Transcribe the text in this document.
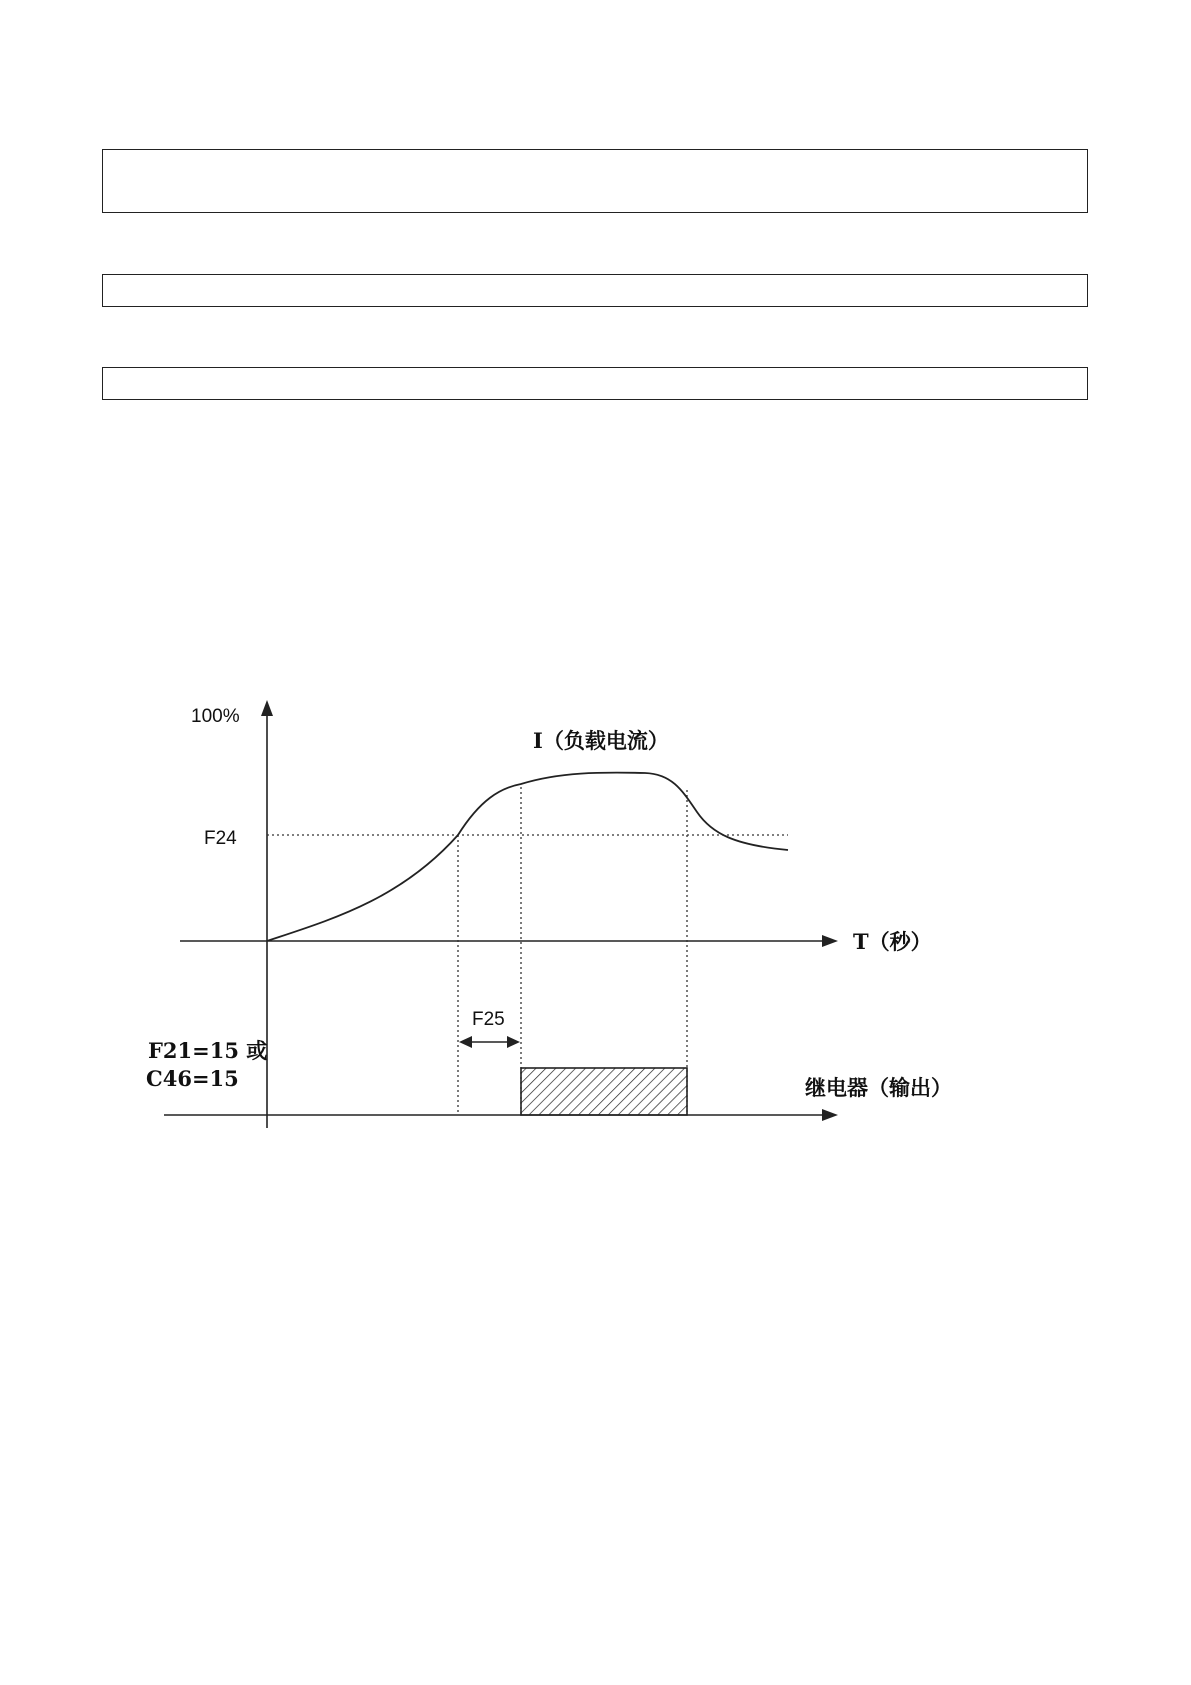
100%
F24
I（负载电流）
T（秒）
F25
F21=15 或
C46=15	继电器（输出）
